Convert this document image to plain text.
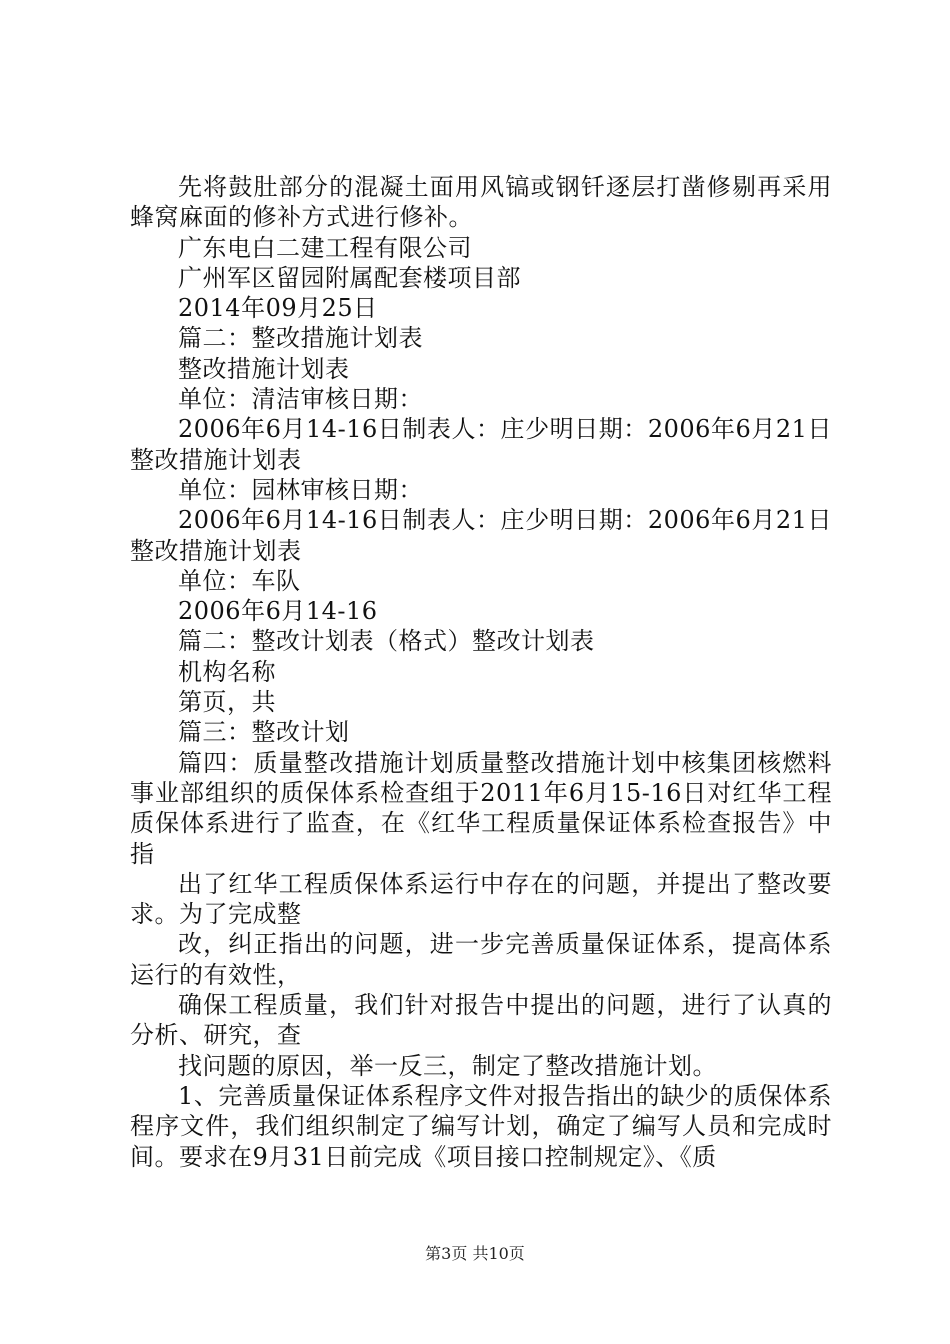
先将鼓肚部分的混凝土面用风镐或钢钎逐层打凿修剔再采用蜂窝麻面的修补方式进行修补。

广东电白二建工程有限公司

广州军区留园附属配套楼项目部

2014年09月25日

篇二：整改措施计划表

整改措施计划表

单位：清洁审核日期：

2006年6月14-16日制表人：庄少明日期：2006年6月21日整改措施计划表

单位：园林审核日期：

2006年6月14-16日制表人：庄少明日期：2006年6月21日整改措施计划表

单位：车队

2006年6月14-16

篇二：整改计划表（格式）整改计划表

机构名称

第页，共

篇三：整改计划

篇四：质量整改措施计划质量整改措施计划中核集团核燃料事业部组织的质保体系检查组于2011年6月15-16日对红华工程质保体系进行了监查，在《红华工程质量保证体系检查报告》中指

出了红华工程质保体系运行中存在的问题，并提出了整改要求。为了完成整

改，纠正指出的问题，进一步完善质量保证体系，提高体系运行的有效性，

确保工程质量，我们针对报告中提出的问题，进行了认真的分析、研究，查

找问题的原因，举一反三，制定了整改措施计划。

1、完善质量保证体系程序文件对报告指出的缺少的质保体系程序文件，我们组织制定了编写计划，确定了编写人员和完成时间。要求在9月31日前完成《项目接口控制规定》、《质

第3页 共10页
